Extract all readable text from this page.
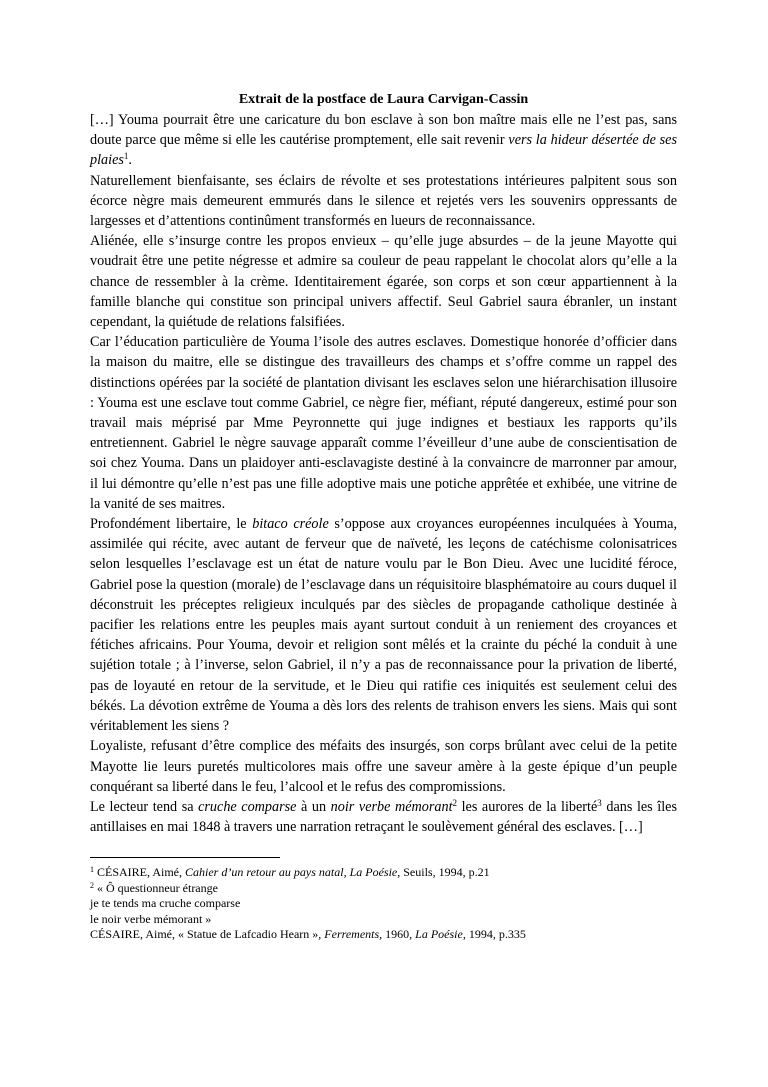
Extrait de la postface de Laura Carvigan-Cassin

[…] Youma pourrait être une caricature du bon esclave à son bon maître mais elle ne l’est pas, sans doute parce que même si elle les cautérise promptement, elle sait revenir vers la hideur désertée de ses plaies$^1$.

Naturellement bienfaisante, ses éclairs de révolte et ses protestations intérieures palpitent sous son écorce nègre mais demeurent emmurés dans le silence et rejetés vers les souvenirs oppressants de largesses et d’attentions continûment transformés en lueurs de reconnaissance.

Aliénée, elle s’insurge contre les propos envieux – qu’elle juge absurdes – de la jeune Mayotte qui voudrait être une petite négresse et admire sa couleur de peau rappelant le chocolat alors qu’elle a la chance de ressembler à la crème. Identitairement égarée, son corps et son cœur appartiennent à la famille blanche qui constitue son principal univers affectif. Seul Gabriel saura ébranler, un instant cependant, la quiétude de relations falsifiées.

Car l’éducation particulière de Youma l’isole des autres esclaves. Domestique honorée d’officier dans la maison du maitre, elle se distingue des travailleurs des champs et s’offre comme un rappel des distinctions opérées par la société de plantation divisant les esclaves selon une hiérarchisation illusoire : Youma est une esclave tout comme Gabriel, ce nègre fier, méfiant, réputé dangereux, estimé pour son travail mais méprisé par Mme Peyronnette qui juge indignes et bestiaux les rapports qu’ils entretiennent. Gabriel le nègre sauvage apparaît comme l’éveilleur d’une aube de conscientisation de soi chez Youma. Dans un plaidoyer anti-esclavagiste destiné à la convaincre de marronner par amour, il lui démontre qu’elle n’est pas une fille adoptive mais une potiche apprêtée et exhibée, une vitrine de la vanité de ses maitres.

Profondément libertaire, le bitaco créole s’oppose aux croyances européennes inculquées à Youma, assimilée qui récite, avec autant de ferveur que de naïveté, les leçons de catéchisme colonisatrices selon lesquelles l’esclavage est un état de nature voulu par le Bon Dieu. Avec une lucidité féroce, Gabriel pose la question (morale) de l’esclavage dans un réquisitoire blasphématoire au cours duquel il déconstruit les préceptes religieux inculqués par des siècles de propagande catholique destinée à pacifier les relations entre les peuples mais ayant surtout conduit à un reniement des croyances et fétiches africains. Pour Youma, devoir et religion sont mêlés et la crainte du péché la conduit à une sujétion totale ; à l’inverse, selon Gabriel, il n’y a pas de reconnaissance pour la privation de liberté, pas de loyauté en retour de la servitude, et le Dieu qui ratifie ces iniquités est seulement celui des békés. La dévotion extrême de Youma a dès lors des relents de trahison envers les siens. Mais qui sont véritablement les siens ?

Loyaliste, refusant d’être complice des méfaits des insurgés, son corps brûlant avec celui de la petite Mayotte lie leurs puretés multicolores mais offre une saveur amère à la geste épique d’un peuple conquérant sa liberté dans le feu, l’alcool et le refus des compromissions.

Le lecteur tend sa cruche comparse à un noir verbe mémorant$^2$ les aurores de la liberté$^3$ dans les îles antillaises en mai 1848 à travers une narration retraçant le soulèvement général des esclaves. […]

$^1$ CÉSAIRE, Aimé, Cahier d’un retour au pays natal, La Poésie, Seuils, 1994, p.21
$^2$ « Ô questionneur étrange
je te tends ma cruche comparse
le noir verbe mémorant »
CÉSAIRE, Aimé, « Statue de Lafcadio Hearn », Ferrements, 1960, La Poésie, 1994, p.335
